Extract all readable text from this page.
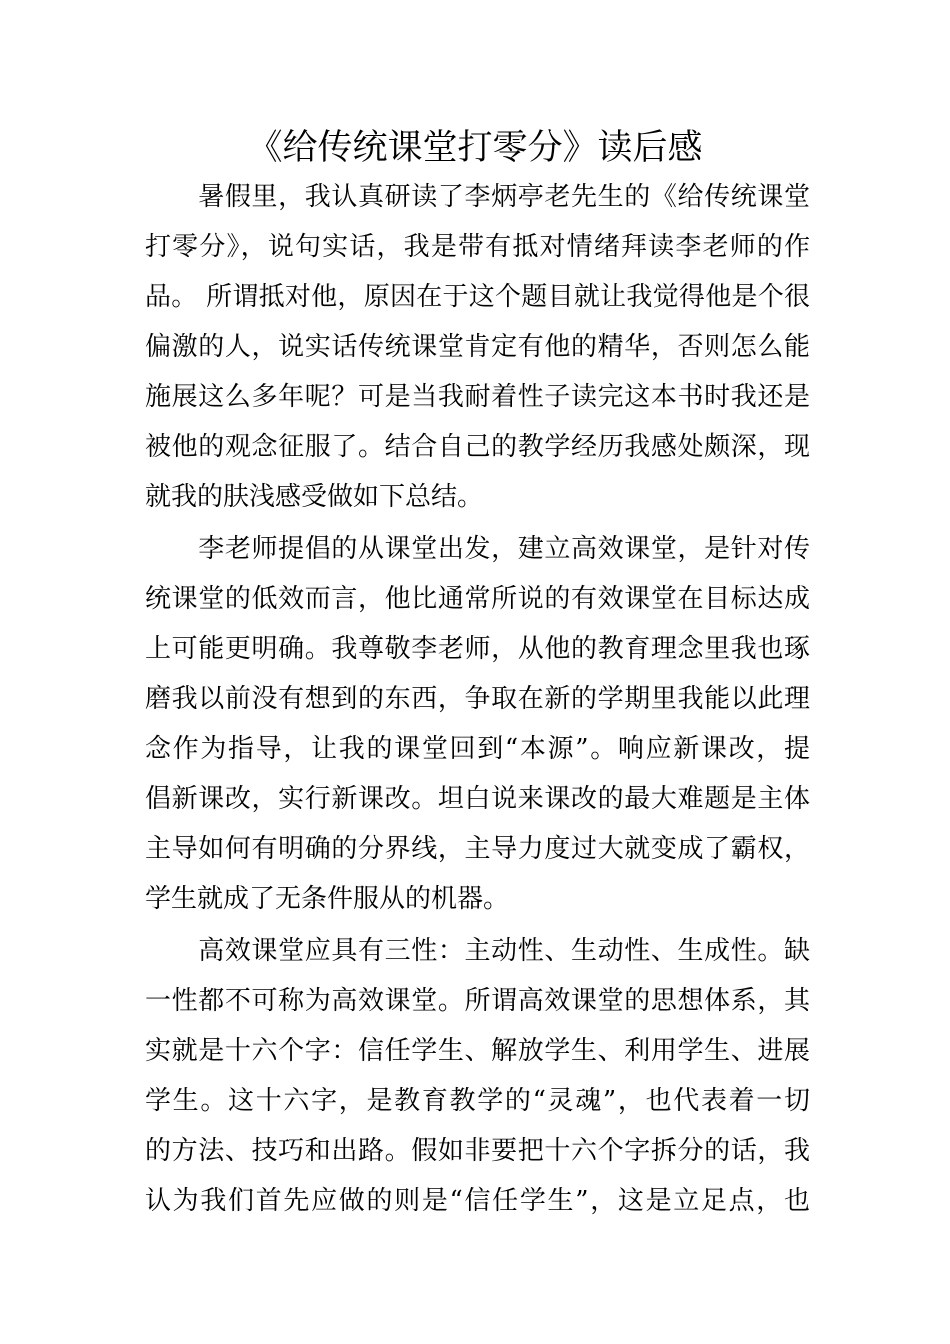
《给传统课堂打零分》读后感
　　暑假里，我认真研读了李炳亭老先生的《给传统课堂
打零分》，说句实话，我是带有抵对情绪拜读李老师的作
品。 所谓抵对他，原因在于这个题目就让我觉得他是个很
偏激的人，说实话传统课堂肯定有他的精华，否则怎么能
施展这么多年呢？可是当我耐着性子读完这本书时我还是
被他的观念征服了。结合自己的教学经历我感处颇深，现
就我的肤浅感受做如下总结。
　　李老师提倡的从课堂出发，建立高效课堂，是针对传
统课堂的低效而言，他比通常所说的有效课堂在目标达成
上可能更明确。我尊敬李老师，从他的教育理念里我也琢
磨我以前没有想到的东西，争取在新的学期里我能以此理
念作为指导，让我的课堂回到“本源”。响应新课改，提
倡新课改，实行新课改。坦白说来课改的最大难题是主体
主导如何有明确的分界线，主导力度过大就变成了霸权，
学生就成了无条件服从的机器。
　　高效课堂应具有三性：主动性、生动性、生成性。缺
一性都不可称为高效课堂。所谓高效课堂的思想体系，其
实就是十六个字：信任学生、解放学生、利用学生、进展
学生。这十六字，是教育教学的“灵魂”，也代表着一切
的方法、技巧和出路。假如非要把十六个字拆分的话，我
认为我们首先应做的则是“信任学生”，这是立足点，也
